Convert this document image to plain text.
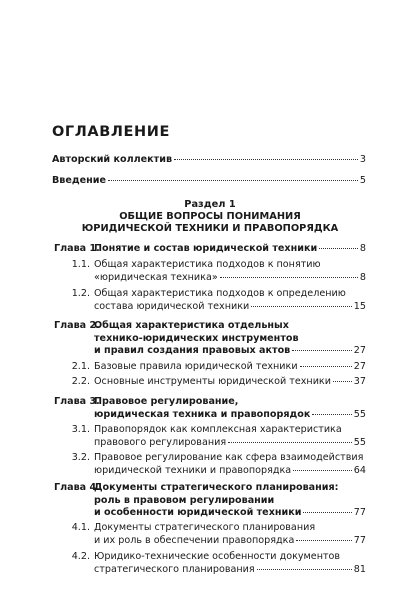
ОГЛАВЛЕНИЕ
Авторский коллектив	3
Введение	5
Раздел 1
ОБЩИЕ ВОПРОСЫ ПОНИМАНИЯ
ЮРИДИЧЕСКОЙ ТЕХНИКИ И ПРАВОПОРЯДКА
Глава 1.
Понятие и состав юридической техники	8
1.1. Общая характеристика подходов к понятию
«юридическая техника»	8
1.2. Общая характеристика подходов к определению
состава юридической техники	15
Глава 2.
Общая характеристика отдельных
технико-юридических инструментов
и правил создания правовых актов	27
2.1. Базовые правила юридической техники	27
2.2. Основные инструменты юридической техники 37
Глава 3.
Правовое регулирование,
юридическая техника и правопорядок	55
3.1. Правопорядок как комплексная характеристика
правового регулирования	55
3.2. Правовое регулирование как сфера взаимодействия
юридической техники и правопорядка	64
Глава 4.
Документы стратегического планирования:
роль в правовом регулировании
и особенности юридической техники	77
4.1. Документы стратегического планирования
и их роль в обеспечении правопорядка	77
4.2. Юридико-технические особенности документов
стратегического планирования	81
